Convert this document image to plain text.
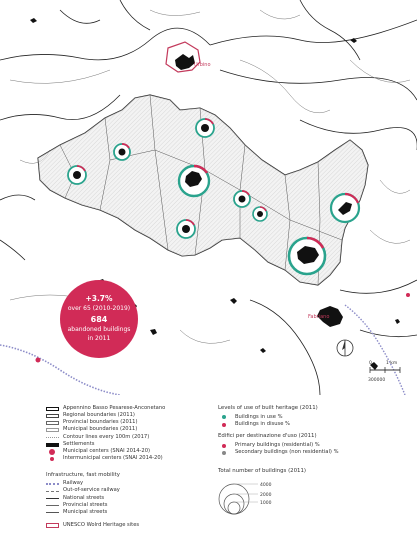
Urbino
Fabriano
+3.7%
over 65 (2010-2019)
684
abandoned buildings
in 2011
0	1 km
300000
Appennino Basso Pesarese-Anconetano
Regional boundaries (2011)
Provincial boundaries (2011)
Municipal boundaries (2011)
Contour lines every 100m (2017)
Settlements
Municipal centers (SNAI 2014-20)
Intermunicipal centers (SNAI 2014-20)
Infrastructure, fast mobility
Railway
Out-of-service railway
National streets
Provincial streets
Municipal streets
UNESCO Wolrd Heritage sites
Levels of use of built heritage (2011)
Buildings in use %
Buildings in disuse %
Edifici per destinazione d'uso (2011)
Primary buildings (residential) %
Secondary buildings (non residential) %
Total number of buildings (2011)
4000
2000
1000
